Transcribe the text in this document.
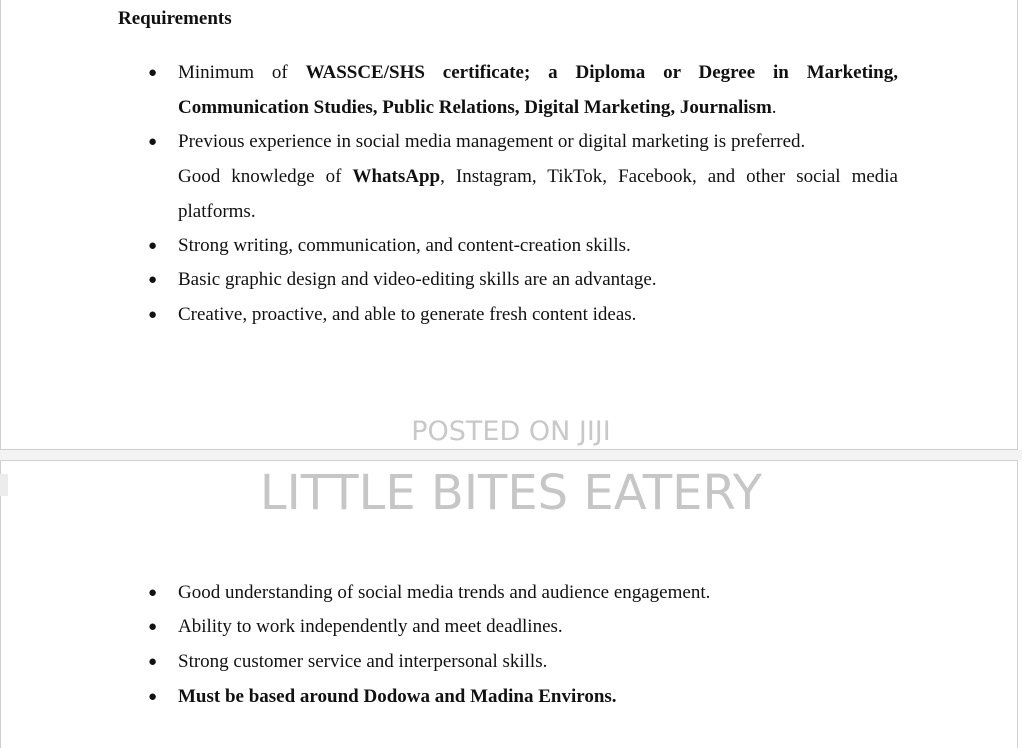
Requirements
● Minimum of WASSCE/SHS certificate; a Diploma or Degree in Marketing, Communication Studies, Public Relations, Digital Marketing, Journalism.
● Previous experience in social media management or digital marketing is preferred.
Good knowledge of WhatsApp, Instagram, TikTok, Facebook, and other social media platforms.
● Strong writing, communication, and content-creation skills.
● Basic graphic design and video-editing skills are an advantage.
● Creative, proactive, and able to generate fresh content ideas.
POSTED ON JIJI
LITTLE BITES EATERY
● Good understanding of social media trends and audience engagement.
● Ability to work independently and meet deadlines.
● Strong customer service and interpersonal skills.
● Must be based around Dodowa and Madina Environs.
